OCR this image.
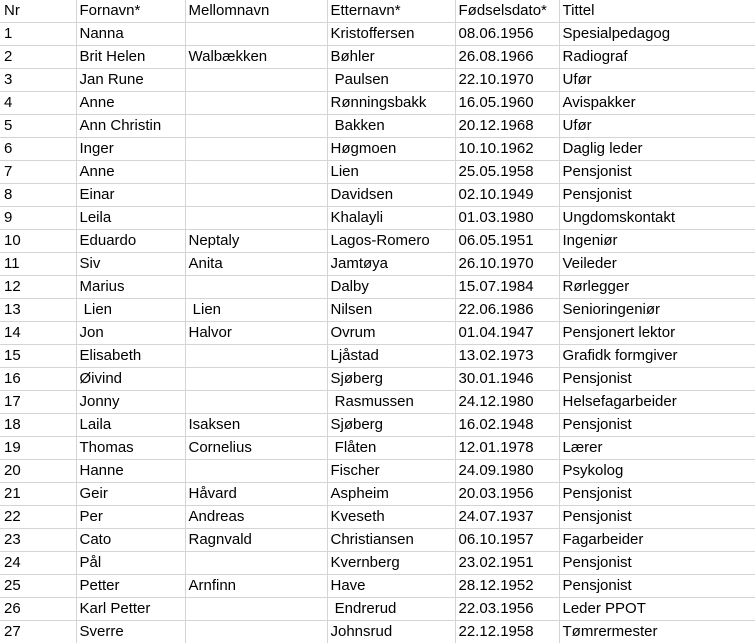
Nr	Fornavn*	Mellomnavn	Etternavn*	Fødselsdato*	Tittel
1	Nanna		Kristoffersen	08.06.1956	Spesialpedagog
2	Brit Helen	Walbækken	Bøhler	26.08.1966	Radiograf
3	Jan Rune		Paulsen	22.10.1970	Ufør
4	Anne		Rønningsbakk	16.05.1960	Avispakker
5	Ann Christin		Bakken	20.12.1968	Ufør
6	Inger		Høgmoen	10.10.1962	Daglig leder
7	Anne		Lien	25.05.1958	Pensjonist
8	Einar		Davidsen	02.10.1949	Pensjonist
9	Leila		Khalayli	01.03.1980	Ungdomskontakt
10	Eduardo	Neptaly	Lagos-Romero	06.05.1951	Ingeniør
11	Siv	Anita	Jamtøya	26.10.1970	Veileder
12	Marius		Dalby	15.07.1984	Rørlegger
13	Lien	Lien	Nilsen	22.06.1986	Senioringeniør
14	Jon	Halvor	Ovrum	01.04.1947	Pensjonert lektor
15	Elisabeth		Ljåstad	13.02.1973	Grafidk formgiver
16	Øivind		Sjøberg	30.01.1946	Pensjonist
17	Jonny		Rasmussen	24.12.1980	Helsefagarbeider
18	Laila	Isaksen	Sjøberg	16.02.1948	Pensjonist
19	Thomas	Cornelius	Flåten	12.01.1978	Lærer
20	Hanne		Fischer	24.09.1980	Psykolog
21	Geir	Håvard	Aspheim	20.03.1956	Pensjonist
22	Per	Andreas	Kveseth	24.07.1937	Pensjonist
23	Cato	Ragnvald	Christiansen	06.10.1957	Fagarbeider
24	Pål		Kvernberg	23.02.1951	Pensjonist
25	Petter	Arnfinn	Have	28.12.1952	Pensjonist
26	Karl Petter		Endrerud	22.03.1956	Leder PPOT
27	Sverre		Johnsrud	22.12.1958	Tømrermester
